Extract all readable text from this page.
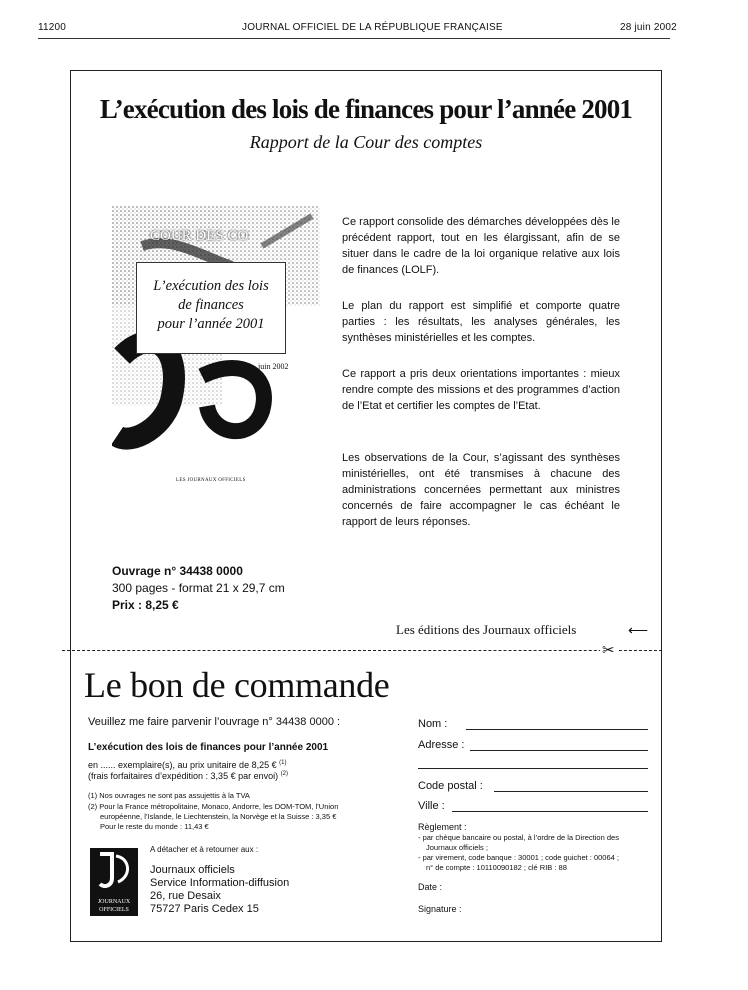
11200	JOURNAL OFFICIEL DE LA RÉPUBLIQUE FRANÇAISE	28 juin 2002
L’exécution des lois de finances pour l’année 2001
Rapport de la Cour des comptes
COUR DES CO
L’exécution des lois
de finances
pour l’année 2001
juin 2002
LES JOURNAUX OFFICIELS
Ce rapport consolide des démarches développées dès le précédent rapport, tout en les élargissant, afin de se situer dans le cadre de la loi organique relative aux lois de finances (LOLF).
Le plan du rapport est simplifié et comporte quatre parties : les résultats, les analyses générales, les synthèses ministérielles et les comptes.
Ce rapport a pris deux orientations importantes : mieux rendre compte des missions et des programmes d’action de l’Etat et certifier les comptes de l’Etat.
Les observations de la Cour, s’agissant des synthèses ministérielles, ont été transmises à chacune des administrations concernées permettant aux ministres concernés de faire accompagner le cas échéant le rapport de leurs réponses.
Ouvrage n° 34438 0000
300 pages - format 21 x 29,7 cm
Prix : 8,25 €
Les éditions des Journaux officiels	⟵
✂
Le bon de commande
Veuillez me faire parvenir l’ouvrage n° 34438 0000 :
L’exécution des lois de finances pour l’année 2001
en ...... exemplaire(s), au prix unitaire de 8,25 € $^{(1)}$
(frais forfaitaires d’expédition : 3,35 € par envoi) $^{(2)}$
(1) Nos ouvrages ne sont pas assujettis à la TVA
(2) Pour la France métropolitaine, Monaco, Andorre, les DOM-TOM, l’Union
européenne, l’Islande, le Liechtenstein, la Norvège et la Suisse : 3,35 €
Pour le reste du monde : 11,43 €
A détacher et à retourner aux :
JOURNAUX
OFFICIELS
Journaux officiels
Service Information-diffusion
26, rue Desaix
75727 Paris Cedex 15
Nom :
Adresse :
Code postal :
Ville :
Règlement :
- par chèque bancaire ou postal, à l’ordre de la Direction des
Journaux officiels ;
- par virement, code banque : 30001 ; code guichet : 00064 ;
n° de compte : 10110090182 ; clé RIB : 88
Date :
Signature :
